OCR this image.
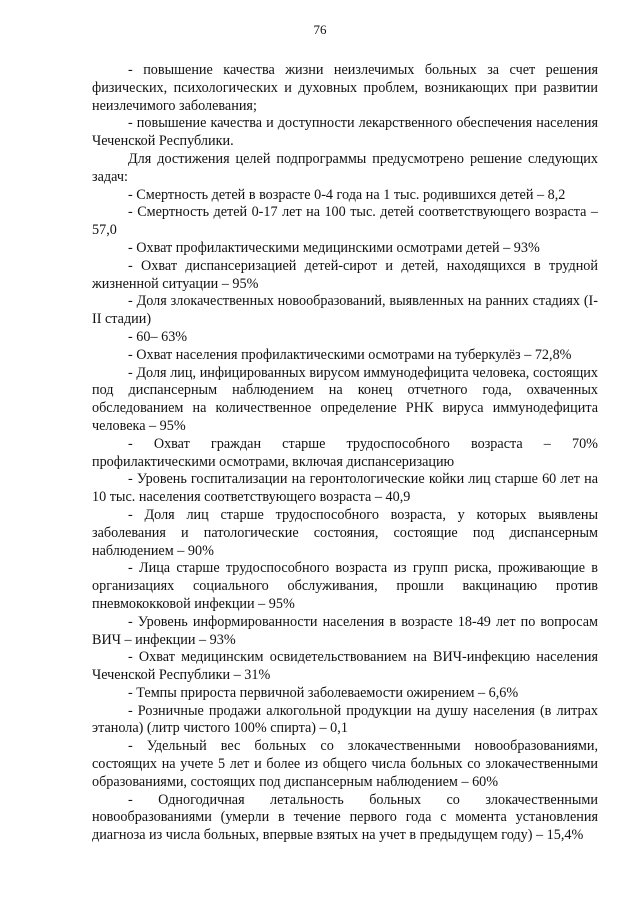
76

- повышение качества жизни неизлечимых больных за счет решения физических, психологических и духовных проблем, возникающих при развитии неизлечимого заболевания;

- повышение качества и доступности лекарственного обеспечения населения Чеченской Республики.

Для достижения целей подпрограммы предусмотрено решение следующих задач:

- Смертность детей в возрасте 0-4 года на 1 тыс. родившихся детей – 8,2

- Смертность детей 0-17 лет на 100 тыс. детей соответствующего возраста – 57,0

- Охват профилактическими медицинскими осмотрами детей – 93%

- Охват диспансеризацией детей-сирот и детей, находящихся в трудной жизненной ситуации – 95%

- Доля злокачественных новообразований, выявленных на ранних стадиях (I-II стадии)

- 60– 63%

- Охват населения профилактическими осмотрами на туберкулёз – 72,8%

- Доля лиц, инфицированных вирусом иммунодефицита человека, состоящих под диспансерным наблюдением на конец отчетного года, охваченных обследованием на количественное определение РНК вируса иммунодефицита человека – 95%

- Охват граждан старше трудоспособного возраста – 70% профилактическими осмотрами, включая диспансеризацию

- Уровень госпитализации на геронтологические койки лиц старше 60 лет на 10 тыс. населения соответствующего возраста – 40,9

- Доля лиц старше трудоспособного возраста, у которых выявлены заболевания и патологические состояния, состоящие под диспансерным наблюдением – 90%

- Лица старше трудоспособного возраста из групп риска, проживающие в организациях социального обслуживания, прошли вакцинацию против пневмококковой инфекции – 95%

- Уровень информированности населения в возрасте 18-49 лет по вопросам ВИЧ – инфекции – 93%

- Охват медицинским освидетельствованием на ВИЧ-инфекцию населения Чеченской Республики – 31%

- Темпы прироста первичной заболеваемости ожирением – 6,6%

- Розничные продажи алкогольной продукции на душу населения (в литрах этанола) (литр чистого 100% спирта) – 0,1

- Удельный вес больных со злокачественными новообразованиями, состоящих на учете 5 лет и более из общего числа больных со злокачественными образованиями, состоящих под диспансерным наблюдением – 60%

- Одногодичная летальность больных со злокачественными новообразованиями (умерли в течение первого года с момента установления диагноза из числа больных, впервые взятых на учет в предыдущем году) – 15,4%
